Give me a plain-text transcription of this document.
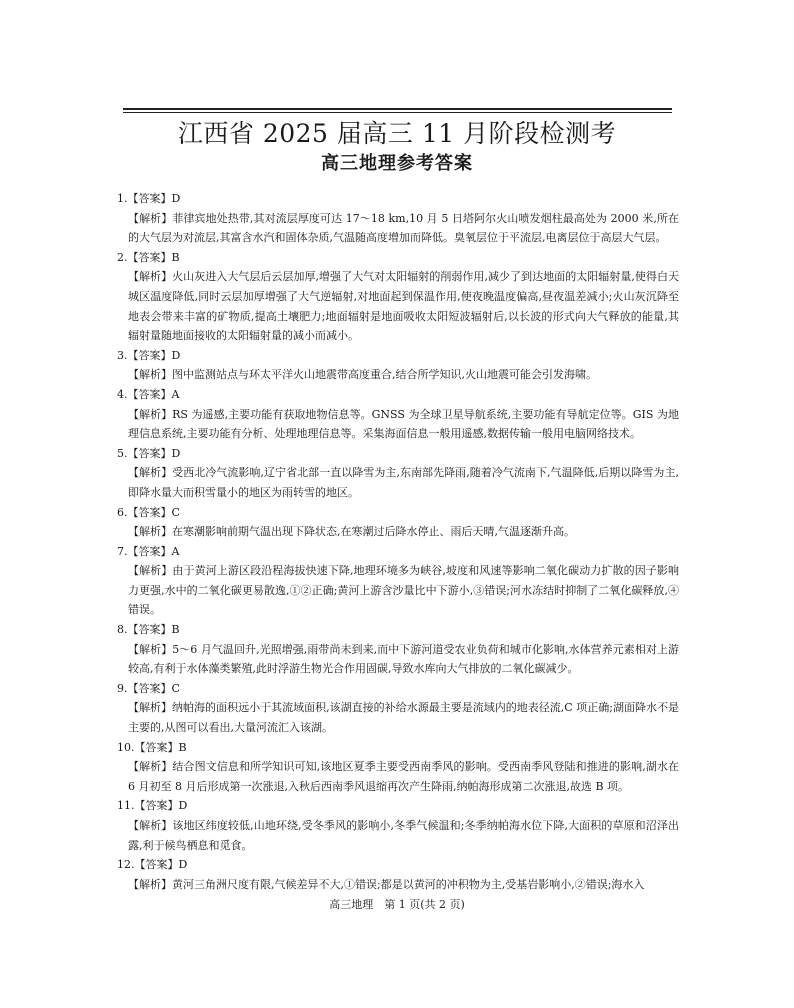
江西省 2025 届高三 11 月阶段检测考
高三地理参考答案
1.【答案】D
【解析】菲律宾地处热带,其对流层厚度可达 17～18 km,10 月 5 日塔阿尔火山喷发烟柱最高处为 2000 米,所在的大气层为对流层,其富含水汽和固体杂质,气温随高度增加而降低。臭氧层位于平流层,电离层位于高层大气层。
2.【答案】B
【解析】火山灰进入大气层后云层加厚,增强了大气对太阳辐射的削弱作用,减少了到达地面的太阳辐射量,使得白天城区温度降低,同时云层加厚增强了大气逆辐射,对地面起到保温作用,使夜晚温度偏高,昼夜温差减小;火山灰沉降至地表会带来丰富的矿物质,提高土壤肥力;地面辐射是地面吸收太阳短波辐射后,以长波的形式向大气释放的能量,其辐射量随地面接收的太阳辐射量的减小而减小。
3.【答案】D
【解析】图中监测站点与环太平洋火山地震带高度重合,结合所学知识,火山地震可能会引发海啸。
4.【答案】A
【解析】RS 为遥感,主要功能有获取地物信息等。GNSS 为全球卫星导航系统,主要功能有导航定位等。GIS 为地理信息系统,主要功能有分析、处理地理信息等。采集海面信息一般用遥感,数据传输一般用电脑网络技术。
5.【答案】D
【解析】受西北冷气流影响,辽宁省北部一直以降雪为主,东南部先降雨,随着冷气流南下,气温降低,后期以降雪为主,即降水量大而积雪量小的地区为雨转雪的地区。
6.【答案】C
【解析】在寒潮影响前期气温出现下降状态,在寒潮过后降水停止、雨后天晴,气温逐渐升高。
7.【答案】A
【解析】由于黄河上游区段沿程海拔快速下降,地理环境多为峡谷,坡度和风速等影响二氧化碳动力扩散的因子影响力更强,水中的二氧化碳更易散逸,①②正确;黄河上游含沙量比中下游小,③错误;河水冻结时抑制了二氧化碳释放,④错误。
8.【答案】B
【解析】5～6 月气温回升,光照增强,雨带尚未到来,而中下游河道受农业负荷和城市化影响,水体营养元素相对上游较高,有利于水体藻类繁殖,此时浮游生物光合作用固碳,导致水库向大气排放的二氧化碳减少。
9.【答案】C
【解析】纳帕海的面积远小于其流域面积,该湖直接的补给水源最主要是流域内的地表径流,C 项正确;湖面降水不是主要的,从图可以看出,大量河流汇入该湖。
10.【答案】B
【解析】结合图文信息和所学知识可知,该地区夏季主要受西南季风的影响。受西南季风登陆和推进的影响,湖水在 6 月初至 8 月后形成第一次涨退,入秋后西南季风退缩再次产生降雨,纳帕海形成第二次涨退,故选 B 项。
11.【答案】D
【解析】该地区纬度较低,山地环绕,受冬季风的影响小,冬季气候温和;冬季纳帕海水位下降,大面积的草原和沼泽出露,利于候鸟栖息和觅食。
12.【答案】D
【解析】黄河三角洲尺度有限,气候差异不大,①错误;都是以黄河的冲积物为主,受基岩影响小,②错误;海水入
高三地理　第 1 页(共 2 页)
